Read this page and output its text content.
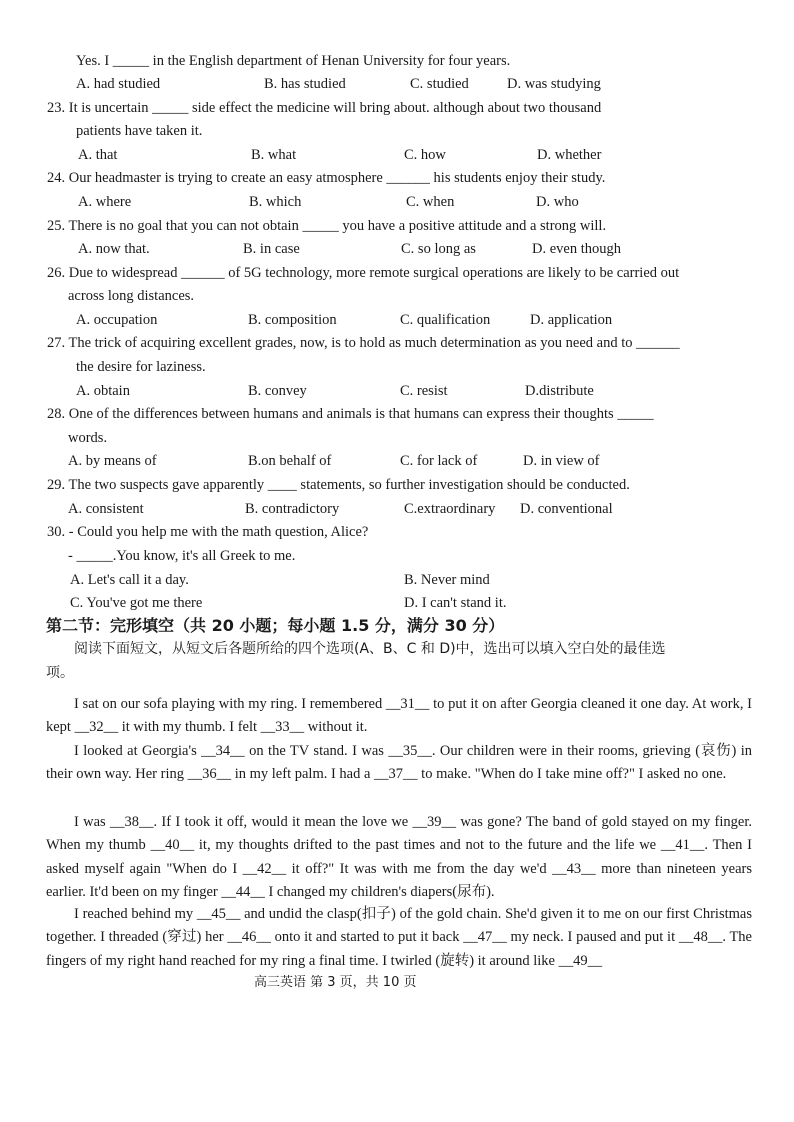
Yes. I _____ in the English department of Henan University for four years.
A. had studied	B. has studied	C. studied	D. was studying
23. It is uncertain _____ side effect the medicine will bring about. although about two thousand
patients have taken it.
A. that	B. what	C. how	D. whether
24. Our headmaster is trying to create an easy atmosphere ______ his students enjoy their study.
A. where	B. which	C. when	D. who
25. There is no goal that you can not obtain _____ you have a positive attitude and a strong will.
A. now that.	B. in case	C. so long as	D. even though
26. Due to widespread ______ of 5G technology, more remote surgical operations are likely to be carried out
across long distances.
A. occupation	B. composition	C. qualification	D. application
27. The trick of acquiring excellent grades, now, is to hold as much determination as you need and to ______
the desire for laziness.
A. obtain	B. convey	C. resist	D.distribute
28. One of the differences between humans and animals is that humans can express their thoughts _____
words.
A. by means of	B.on behalf of	C. for lack of	D. in view of
29. The two suspects gave apparently ____ statements, so further investigation should be conducted.
A. consistent	B. contradictory	C.extraordinary D. conventional
30. - Could you help me with the math question, Alice?
- _____.You know, it's all Greek to me.
A. Let's call it a day.	B. Never mind
C. You've got me there	D. I can't stand it.
第二节：完形填空（共 20 小题；每小题 1.5 分，满分 30 分）
阅读下面短文，从短文后各题所给的四个选项(A、B、C 和 D)中，选出可以填入空白处的最佳选
项。
I sat on our sofa playing with my ring. I remembered __31__ to put it on after Georgia cleaned it one day. At work, I kept __32__ it with my thumb. I felt __33__ without it.
I looked at Georgia's __34__ on the TV stand. I was __35__. Our children were in their rooms, grieving (哀伤) in their own way. Her ring __36__ in my left palm. I had a __37__ to make. "When do I take mine off?" I asked no one.
I was __38__. If I took it off, would it mean the love we __39__ was gone? The band of gold stayed on my finger. When my thumb __40__ it, my thoughts drifted to the past times and not to the future and the life we __41__. Then I asked myself again "When do I __42__ it off?" It was with me from the day we'd __43__ more than nineteen years earlier. It'd been on my finger __44__ I changed my children's diapers(尿布).
I reached behind my __45__ and undid the clasp(扣子) of the gold chain. She'd given it to me on our first Christmas together. I threaded (穿过) her __46__ onto it and started to put it back __47__ my neck. I paused and put it __48__. The fingers of my right hand reached for my ring a final time. I twirled (旋转) it around like __49__
高三英语 第 3 页，共 10 页
